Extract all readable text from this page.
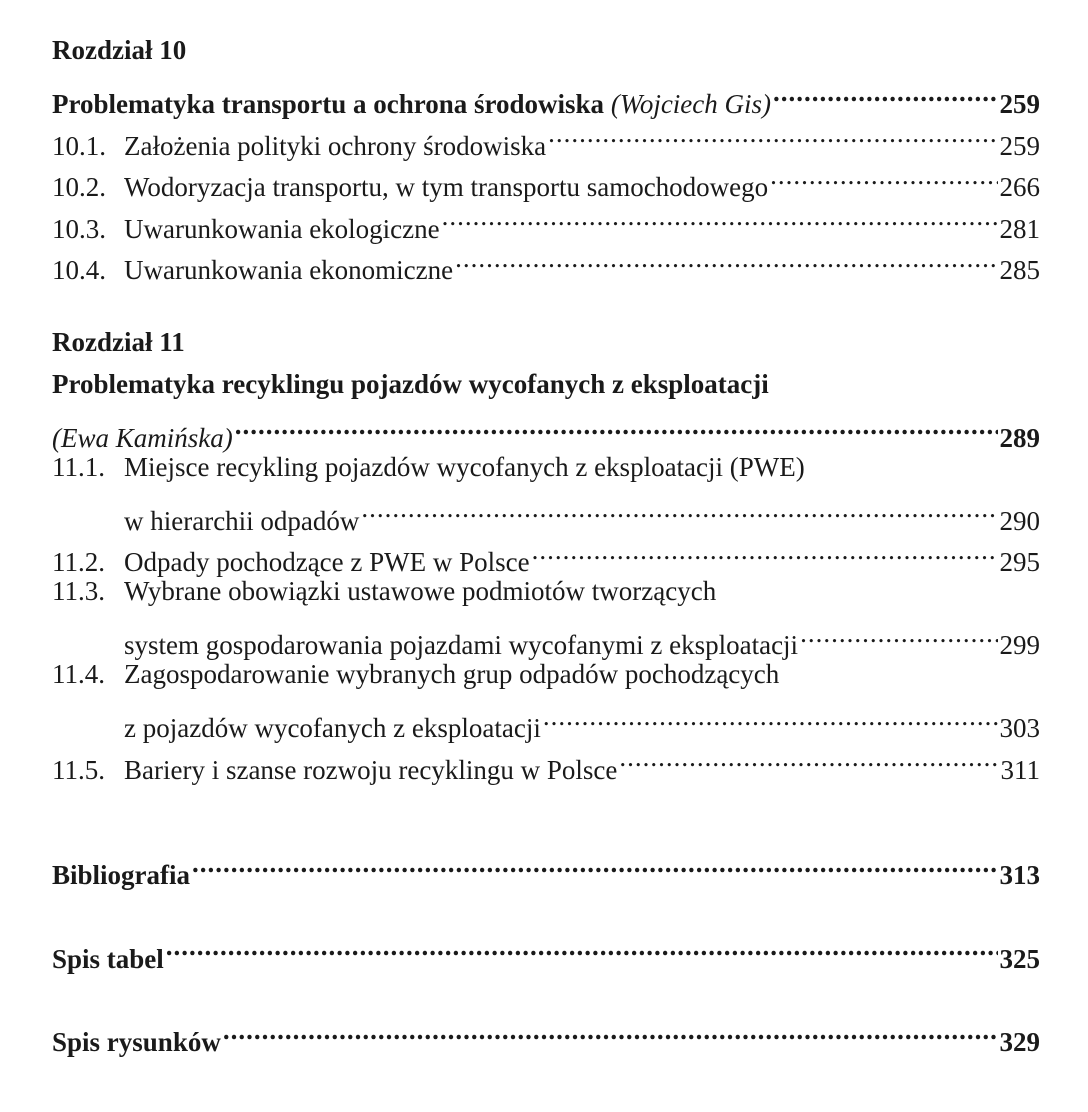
Rozdział 10
Problematyka transportu a ochrona środowiska (Wojciech Gis) .....	259
10.1. Założenia polityki ochrony środowiska .....	259
10.2. Wodoryzacja transportu, w tym transportu samochodowego .....	266
10.3. Uwarunkowania ekologiczne .....	281
10.4. Uwarunkowania ekonomiczne .....	285
Rozdział 11
Problematyka recyklingu pojazdów wycofanych z eksploatacji
(Ewa Kamińska) .....	289
11.1. Miejsce recykling pojazdów wycofanych z eksploatacji (PWE)
w hierarchii odpadów .....	290
11.2. Odpady pochodzące z PWE w Polsce .....	295
11.3. Wybrane obowiązki ustawowe podmiotów tworzących
system gospodarowania pojazdami wycofanymi z eksploatacji .....	299
11.4. Zagospodarowanie wybranych grup odpadów pochodzących
z pojazdów wycofanych z eksploatacji .....	303
11.5. Bariery i szanse rozwoju recyklingu w Polsce .....	311
Bibliografia .....	313
Spis tabel .....	325
Spis rysunków .....	329
